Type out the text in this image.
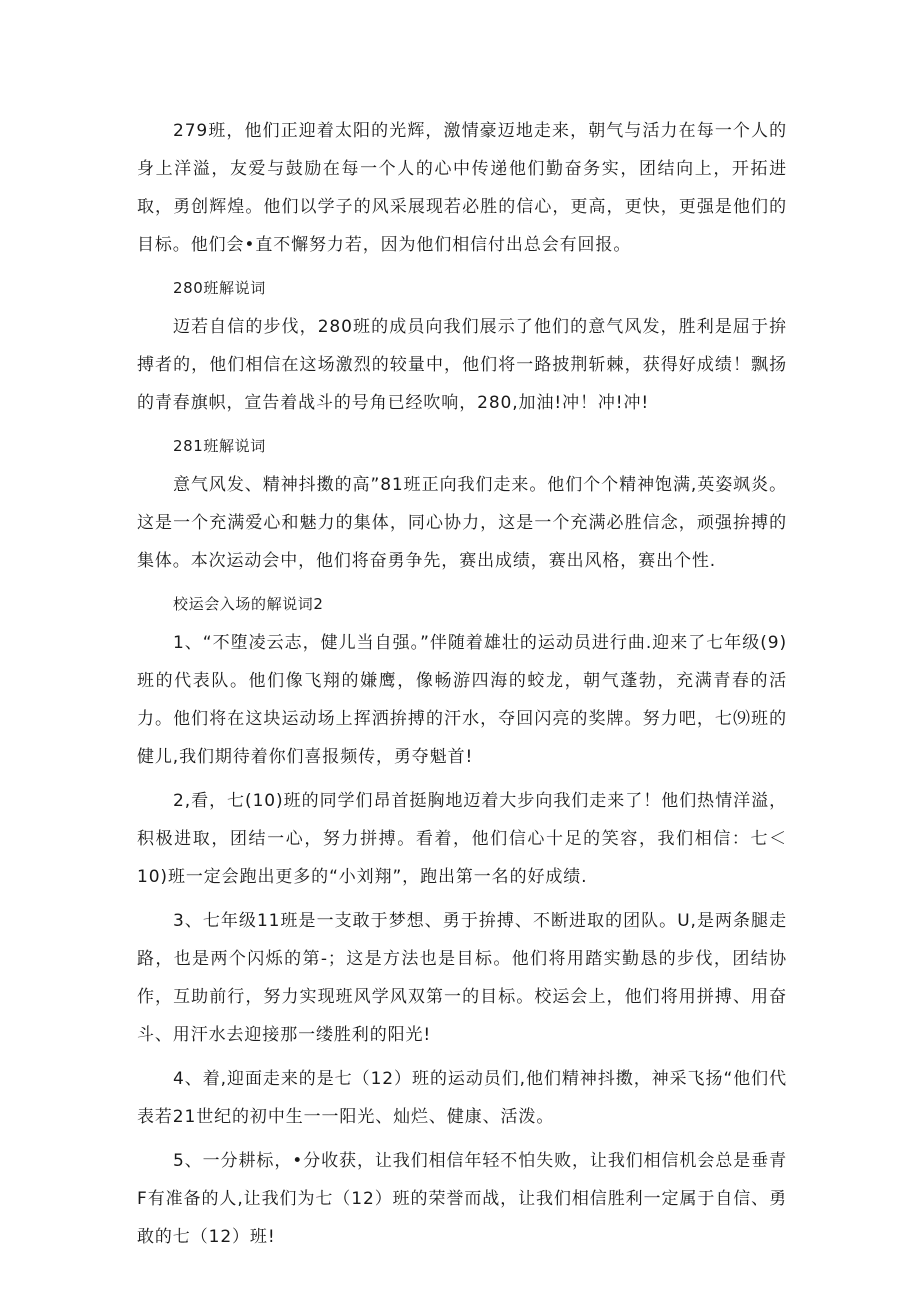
279班，他们正迎着太阳的光辉，激情豪迈地走来，朝气与活力在每一个人的身上洋溢，友爱与鼓励在每一个人的心中传递他们勤奋务实，团结向上，开拓进取，勇创辉煌。他们以学子的风采展现若必胜的信心，更高，更快，更强是他们的目标。他们会•直不懈努力若，因为他们相信付出总会有回报。

280班解说词

迈若自信的步伐，280班的成员向我们展示了他们的意气风发，胜利是屈于拚搏者的，他们相信在这场激烈的较量中，他们将一路披荆斩棘，获得好成绩！飘扬的青春旗帜，宣告着战斗的号角已经吹响，280,加油!冲！冲!冲!

281班解说词

意气风发、精神抖擞的高”81班正向我们走来。他们个个精神饱满,英姿飒炎。这是一个充满爱心和魅力的集体，同心协力，这是一个充满必胜信念，顽强拚搏的集体。本次运动会中，他们将奋勇争先，赛出成绩，赛出风格，赛出个性.

校运会入场的解说词2

1、“不堕凌云志，健儿当自强。”伴随着雄壮的运动员进行曲.迎来了七年级(9)班的代表队。他们像飞翔的嫌鹰，像畅游四海的蛟龙，朝气蓬勃，充满青春的活力。他们将在这块运动场上挥洒拚搏的汗水，夺回闪亮的奖牌。努力吧，七⑼班的健儿,我们期待着你们喜报频传，勇夺魁首!

2,看，七(10)班的同学们昂首挺胸地迈着大步向我们走来了！他们热情洋溢，积极进取，团结一心，努力拼搏。看着，他们信心十足的笑容，我们相信：七＜10)班一定会跑出更多的“小刘翔”，跑出第一名的好成绩.

3、七年级11班是一支敢于梦想、勇于拚搏、不断进取的团队。U,是两条腿走路，也是两个闪烁的第-；这是方法也是目标。他们将用踏实勤恳的步伐，团结协作，互助前行，努力实现班风学风双第一的目标。校运会上，他们将用拼搏、用奋斗、用汗水去迎接那一缕胜利的阳光!

4、着,迎面走来的是七（12）班的运动员们,他们精神抖擞，神采飞扬“他们代表若21世纪的初中生一一阳光、灿烂、健康、活泼。

5、一分耕标，•分收获，让我们相信年轻不怕失败，让我们相信机会总是垂青F有准备的人,让我们为七（12）班的荣誉而战，让我们相信胜利一定属于自信、勇敢的七（12）班!
